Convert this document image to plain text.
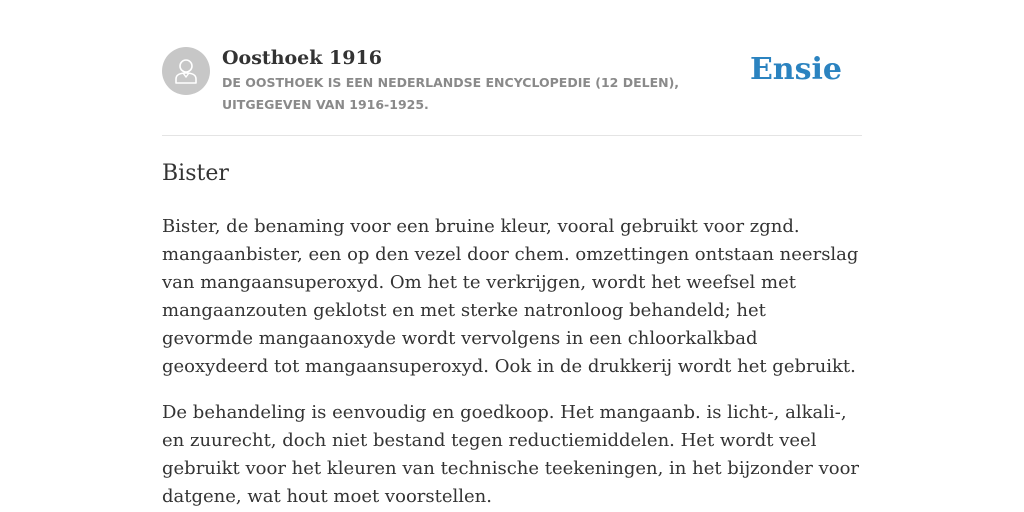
Oosthoek 1916

DE OOSTHOEK IS EEN NEDERLANDSE ENCYCLOPEDIE (12 DELEN), UITGEGEVEN VAN 1916-1925.

Ensie
Bister

Bister, de benaming voor een bruine kleur, vooral gebruikt voor zgnd. mangaanbister, een op den vezel door chem. omzettingen ontstaan neerslag van mangaansuperoxyd. Om het te verkrijgen, wordt het weefsel met mangaanzouten geklotst en met sterke natronloog behandeld; het gevormde mangaanoxyde wordt vervolgens in een chloorkalkbad geoxydeerd tot mangaansuperoxyd. Ook in de drukkerij wordt het gebruikt.

De behandeling is eenvoudig en goedkoop. Het mangaanb. is licht-, alkali-, en zuurecht, doch niet bestand tegen reductiemiddelen. Het wordt veel gebruikt voor het kleuren van technische teekeningen, in het bijzonder voor datgene, wat hout moet voorstellen.
